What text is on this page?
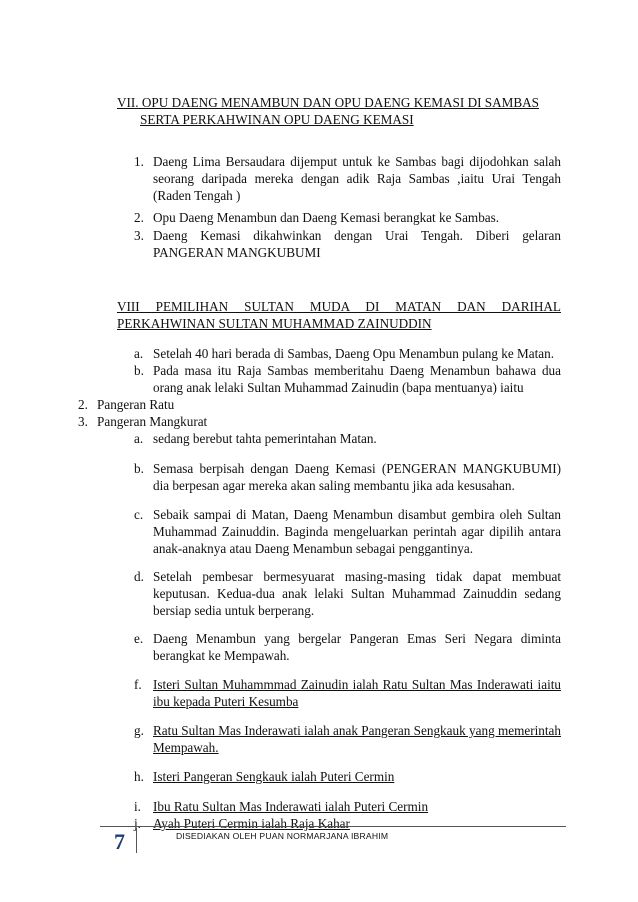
VII. OPU DAENG MENAMBUN DAN OPU DAENG KEMASI DI SAMBAS
SERTA PERKAHWINAN OPU DAENG KEMASI
1. Daeng Lima Bersaudara dijemput untuk ke Sambas bagi dijodohkan salah seorang daripada mereka dengan adik Raja Sambas ,iaitu Urai Tengah (Raden Tengah )

2. Opu Daeng Menambun dan Daeng Kemasi berangkat ke Sambas.

3. Daeng Kemasi dikahwinkan dengan Urai Tengah. Diberi gelaran PANGERAN MANGKUBUMI

VIII PEMILIHAN SULTAN MUDA DI MATAN DAN DARIHAL
PERKAHWINAN SULTAN MUHAMMAD ZAINUDDIN
a. Setelah 40 hari berada di Sambas, Daeng Opu Menambun pulang ke Matan.

b. Pada masa itu Raja Sambas memberitahu Daeng Menambun bahawa dua orang anak lelaki Sultan Muhammad Zainudin (bapa mentuanya) iaitu

2. Pangeran Ratu
3. Pangeran Mangkurat
a. sedang berebut tahta pemerintahan Matan.

b. Semasa berpisah dengan Daeng Kemasi (PENGERAN MANGKUBUMI) dia berpesan agar mereka akan saling membantu jika ada kesusahan.

c. Sebaik sampai di Matan, Daeng Menambun disambut gembira oleh Sultan Muhammad Zainuddin. Baginda mengeluarkan perintah agar dipilih antara anak-anaknya atau Daeng Menambun sebagai penggantinya.

d. Setelah pembesar bermesyuarat masing-masing tidak dapat membuat keputusan. Kedua-dua anak lelaki Sultan Muhammad Zainuddin sedang bersiap sedia untuk berperang.

e. Daeng Menambun yang bergelar Pangeran Emas Seri Negara diminta berangkat ke Mempawah.

f. Isteri Sultan Muhammmad Zainudin ialah Ratu Sultan Mas Inderawati iaitu ibu kepada Puteri Kesumba

g. Ratu Sultan Mas Inderawati ialah anak Pangeran Sengkauk yang memerintah Mempawah.

h. Isteri Pangeran Sengkauk ialah Puteri Cermin

i. Ibu Ratu Sultan Mas Inderawati ialah Puteri Cermin

j. Ayah Puteri Cermin ialah Raja Kahar

7	DISEDIAKAN OLEH PUAN NORMARJANA IBRAHIM
